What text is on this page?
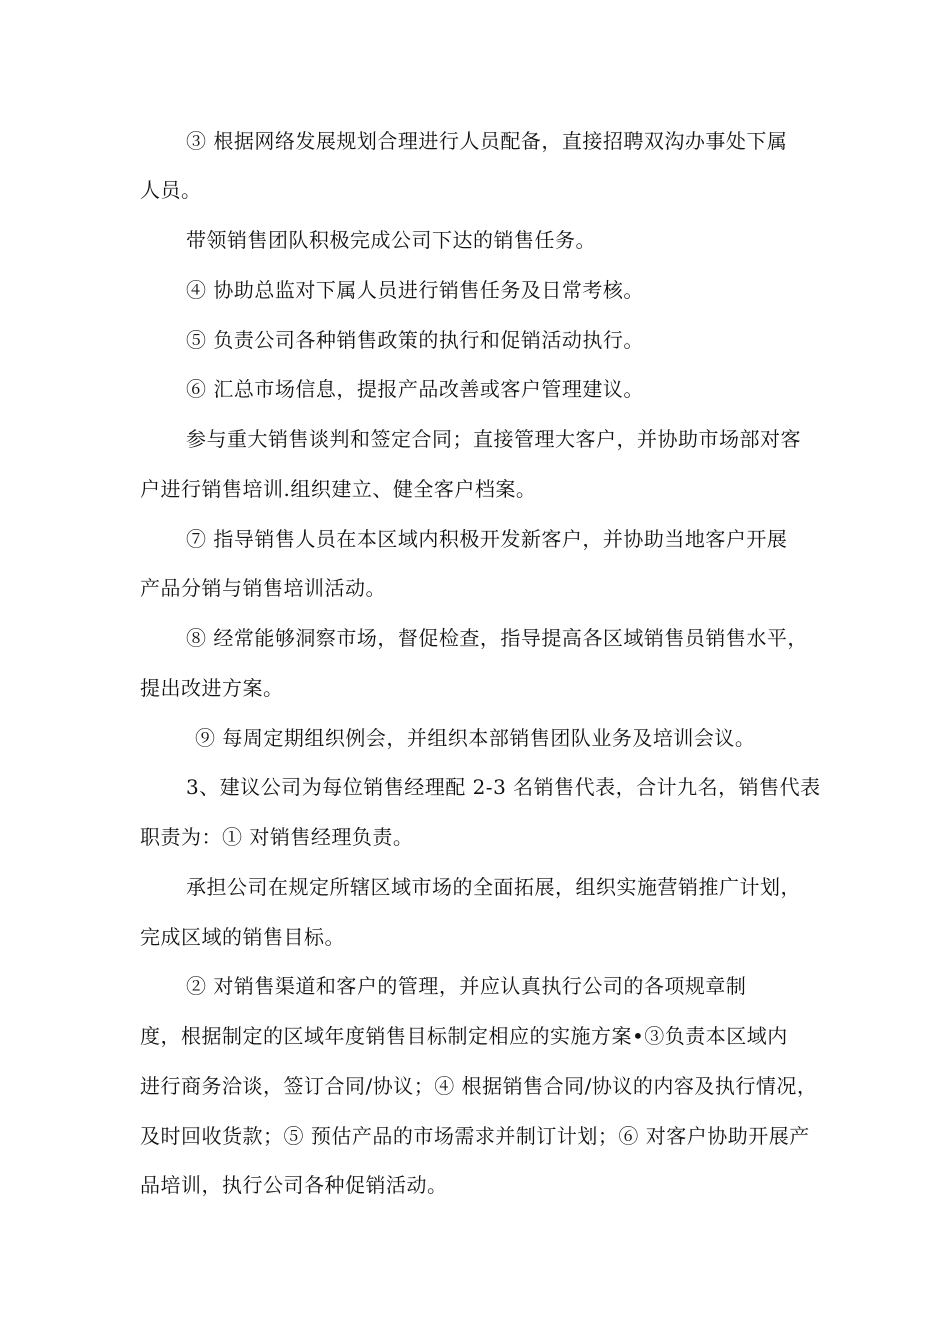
③ 根据网络发展规划合理进行人员配备，直接招聘双沟办事处下属
人员。
带领销售团队积极完成公司下达的销售任务。
④ 协助总监对下属人员进行销售任务及日常考核。
⑤ 负责公司各种销售政策的执行和促销活动执行。
⑥ 汇总市场信息，提报产品改善或客户管理建议。
参与重大销售谈判和签定合同；直接管理大客户，并协助市场部对客
户进行销售培训.组织建立、健全客户档案。
⑦ 指导销售人员在本区域内积极开发新客户，并协助当地客户开展
产品分销与销售培训活动。
⑧ 经常能够洞察市场，督促检查，指导提高各区域销售员销售水平，
提出改进方案。
⑨ 每周定期组织例会，并组织本部销售团队业务及培训会议。
3、建议公司为每位销售经理配 2-3 名销售代表，合计九名，销售代表
职责为：① 对销售经理负责。
承担公司在规定所辖区域市场的全面拓展，组织实施营销推广计划，
完成区域的销售目标。
② 对销售渠道和客户的管理，并应认真执行公司的各项规章制
度，根据制定的区域年度销售目标制定相应的实施方案•③负责本区域内
进行商务洽谈，签订合同/协议；④ 根据销售合同/协议的内容及执行情况，
及时回收货款；⑤ 预估产品的市场需求并制订计划；⑥ 对客户协助开展产
品培训，执行公司各种促销活动。
